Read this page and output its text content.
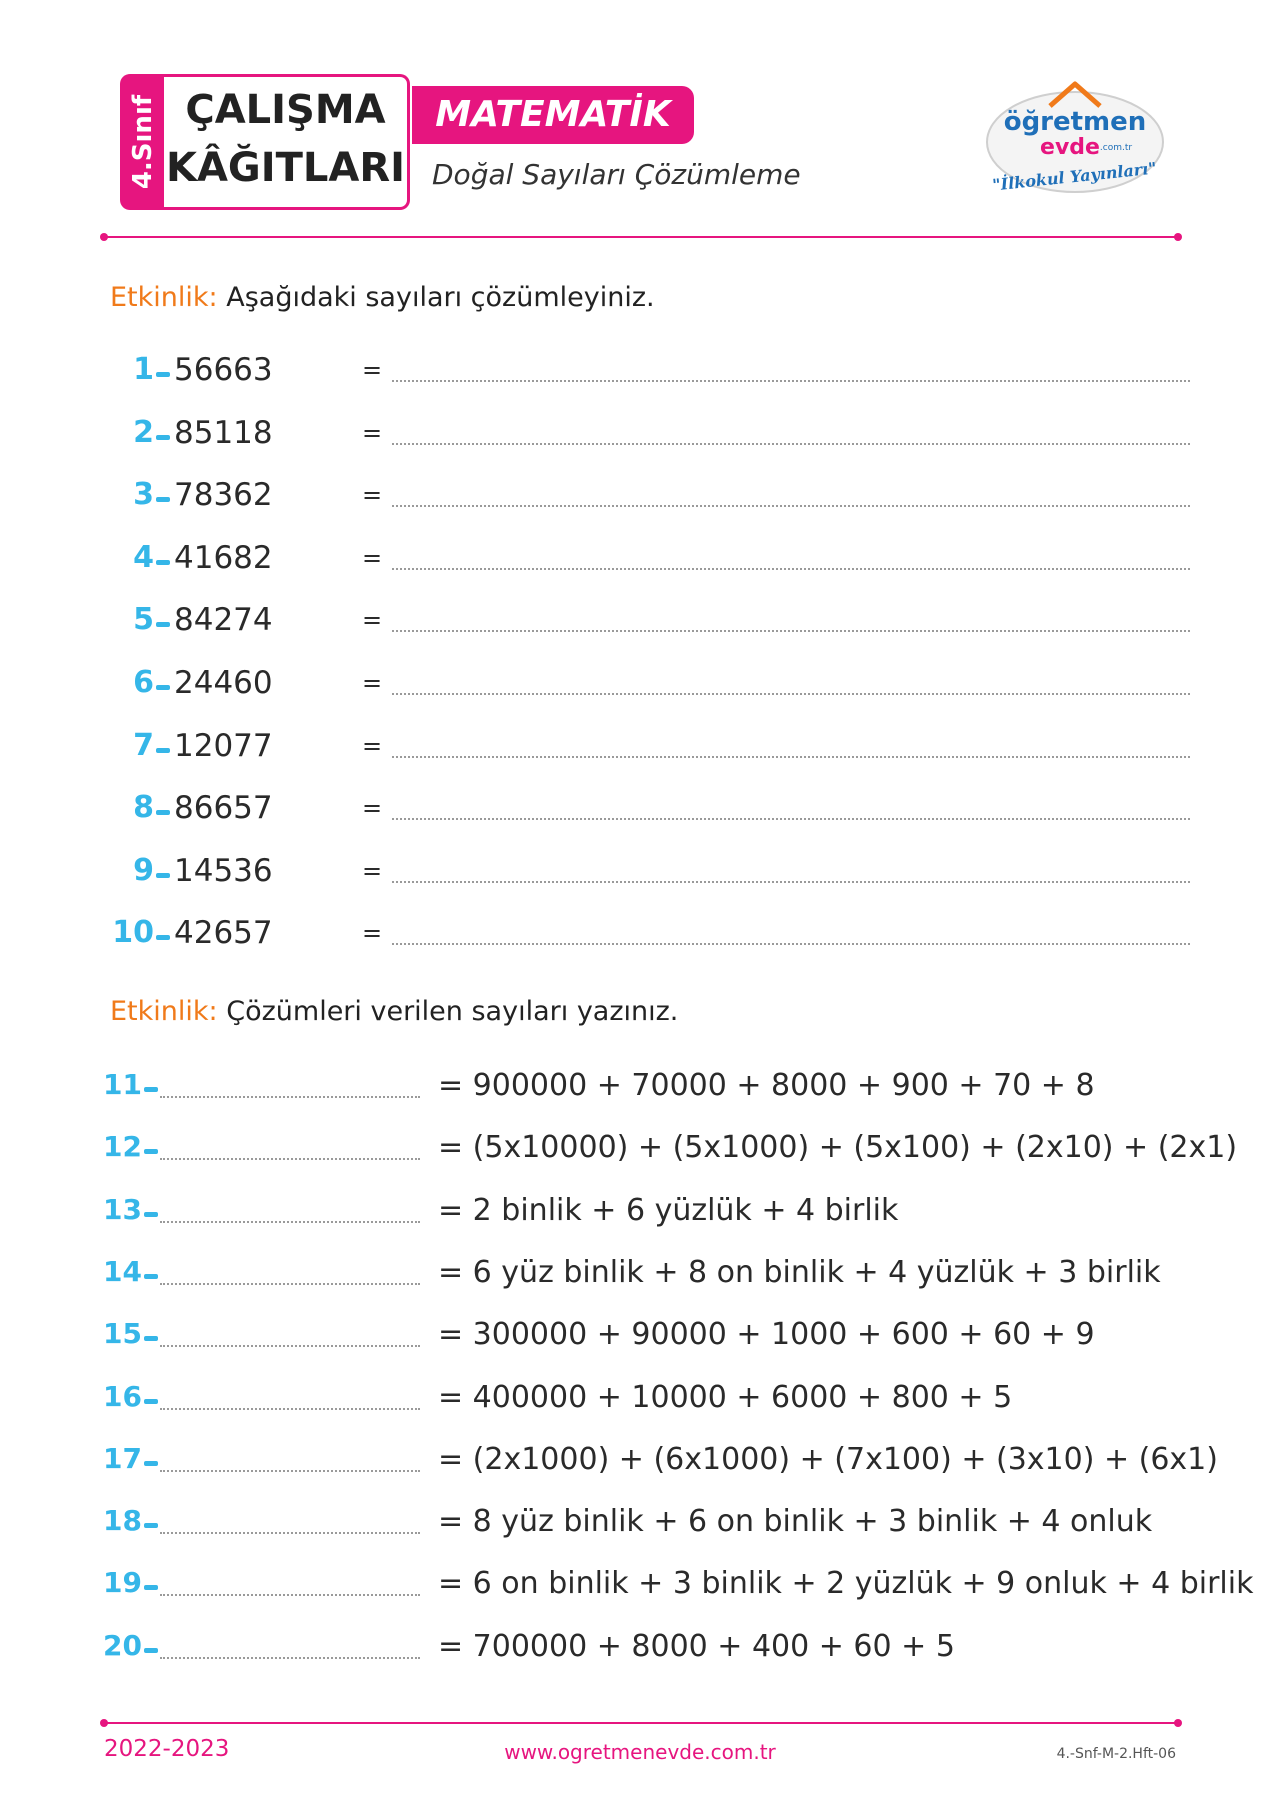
4.Sınıf ÇALIŞMA
KÂĞITLARI
MATEMATİK
Doğal Sayıları Çözümleme
öğretmen
evde .com.tr
"İlkokul Yayınları"
Etkinlik: Aşağıdaki sayıları çözümleyiniz.
1 56663	=
2 85118	=
3 78362	=
4 41682	=
5 84274	=
6 24460	=
7 12077	=
8 86657	=
9 14536	=
10 42657	=
Etkinlik: Çözümleri verilen sayıları yazınız.
11	= 900000 + 70000 + 8000 + 900 + 70 + 8
12	= (5x10000) + (5x1000) + (5x100) + (2x10) + (2x1)
13	= 2 binlik + 6 yüzlük + 4 birlik
14	= 6 yüz binlik + 8 on binlik + 4 yüzlük + 3 birlik
15	= 300000 + 90000 + 1000 + 600 + 60 + 9
16	= 400000 + 10000 + 6000 + 800 + 5
17	= (2x1000) + (6x1000) + (7x100) + (3x10) + (6x1)
18	= 8 yüz binlik + 6 on binlik + 3 binlik + 4 onluk
19	= 6 on binlik + 3 binlik + 2 yüzlük + 9 onluk + 4 birlik
20	= 700000 + 8000 + 400 + 60 + 5
www.ogretmenevde.com.tr
2022-2023	4.-Snf-M-2.Hft-06
